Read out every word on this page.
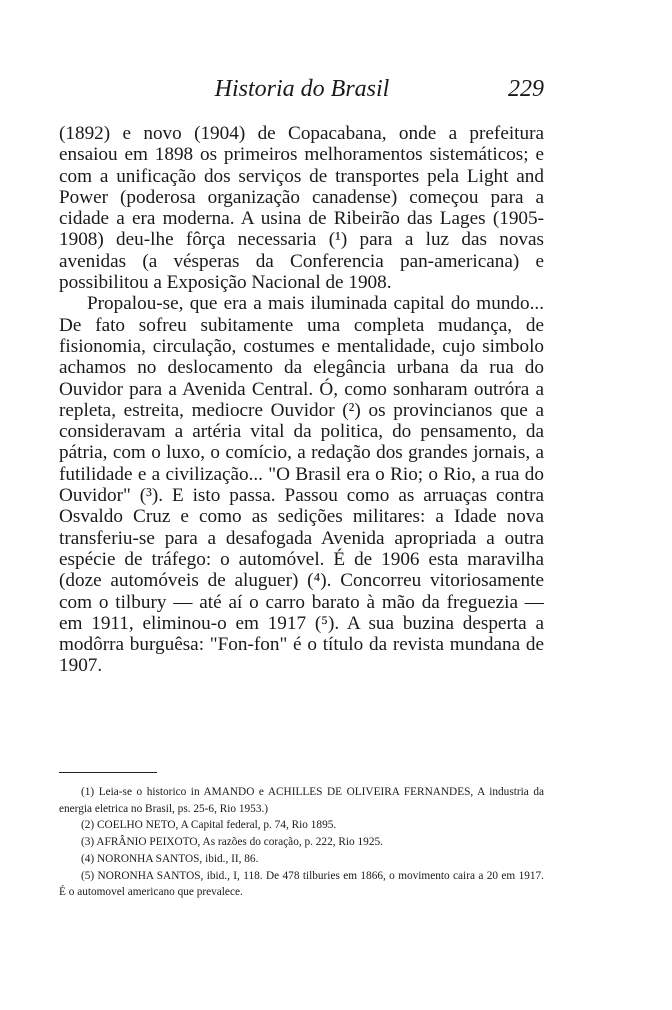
Historia do Brasil	229

(1892) e novo (1904) de Copacabana, onde a prefeitura ensaiou em 1898 os primeiros melhoramentos sistemáticos; e com a unificação dos serviços de transportes pela Light and Power (poderosa organização canadense) começou para a cidade a era moderna. A usina de Ribeirão das Lages (1905-1908) deu-lhe fôrça necessaria (¹) para a luz das novas avenidas (a vésperas da Conferencia pan-americana) e possibilitou a Exposição Nacional de 1908.

Propalou-se, que era a mais iluminada capital do mundo... De fato sofreu subitamente uma completa mudança, de fisionomia, circulação, costumes e mentalidade, cujo simbolo achamos no deslocamento da elegância urbana da rua do Ouvidor para a Avenida Central. Ó, como sonharam outróra a repleta, estreita, mediocre Ouvidor (²) os provincianos que a consideravam a artéria vital da politica, do pensamento, da pátria, com o luxo, o comício, a redação dos grandes jornais, a futilidade e a civilização... "O Brasil era o Rio; o Rio, a rua do Ouvidor" (³). E isto passa. Passou como as arruaças contra Osvaldo Cruz e como as sedições militares: a Idade nova transferiu-se para a desafogada Avenida apropriada a outra espécie de tráfego: o automóvel. É de 1906 esta maravilha (doze automóveis de aluguer) (⁴). Concorreu vitoriosamente com o tilbury — até aí o carro barato à mão da freguezia — em 1911, eliminou-o em 1917 (⁵). A sua buzina desperta a modôrra burguêsa: "Fon-fon" é o título da revista mundana de 1907.

(1) Leia-se o historico in AMANDO e ACHILLES DE OLIVEIRA FERNANDES, A industria da energia eletrica no Brasil, ps. 25-6, Rio 1953.)

(2) COELHO NETO, A Capital federal, p. 74, Rio 1895.

(3) AFRÂNIO PEIXOTO, As razões do coração, p. 222, Rio 1925.

(4) NORONHA SANTOS, ibid., II, 86.

(5) NORONHA SANTOS, ibid., I, 118. De 478 tilburies em 1866, o movimento caira a 20 em 1917. É o automovel americano que prevalece.
